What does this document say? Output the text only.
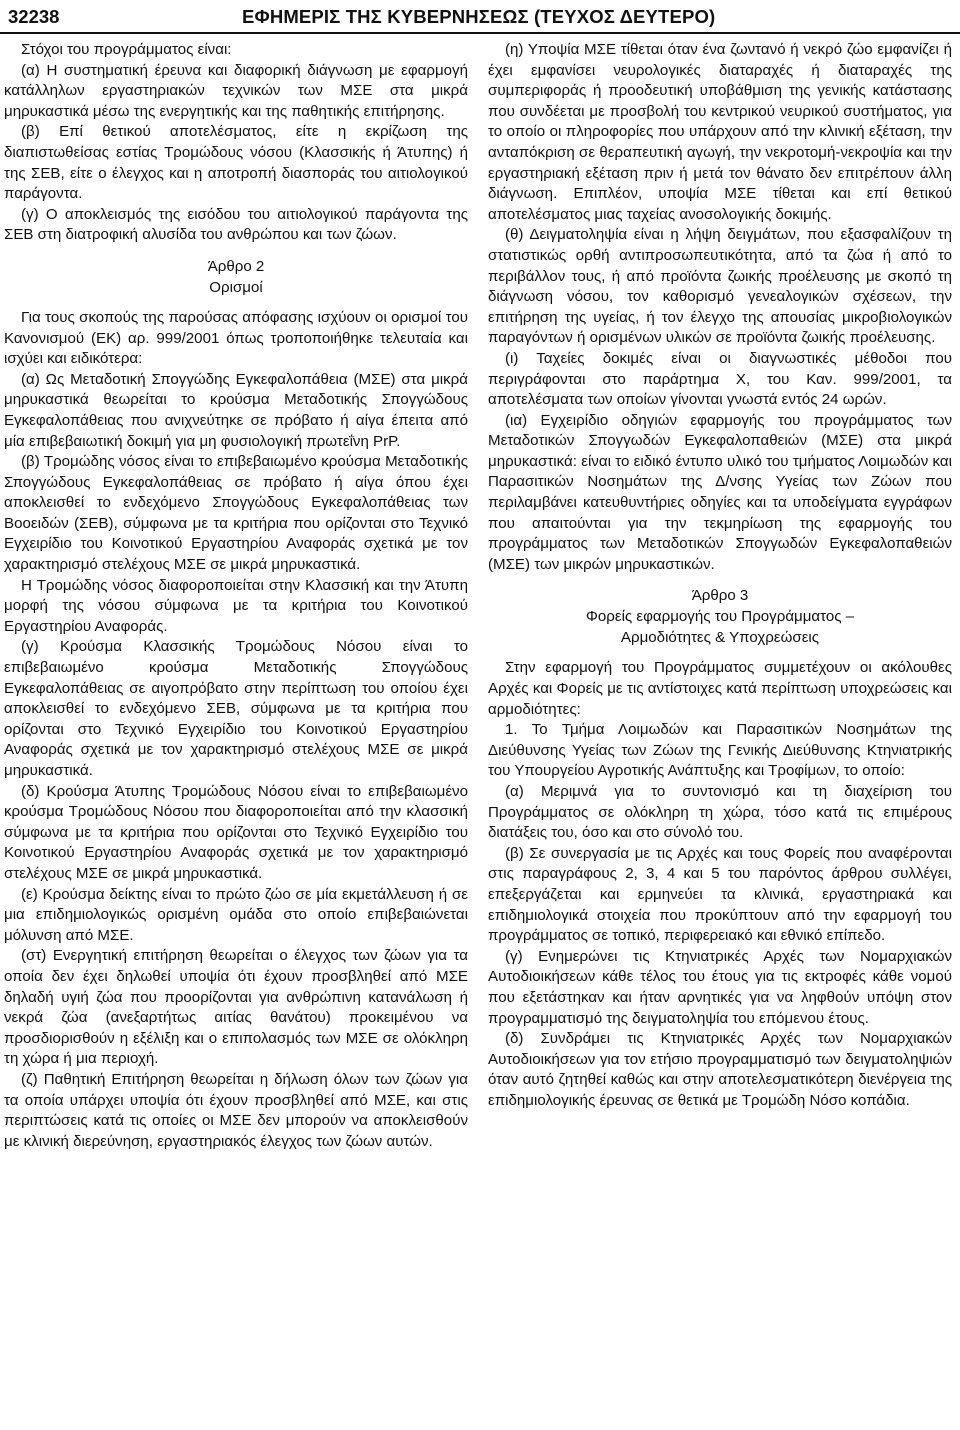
32238	ΕΦΗΜΕΡΙΣ ΤΗΣ ΚΥΒΕΡΝΗΣΕΩΣ (ΤΕΥΧΟΣ ΔΕΥΤΕΡΟ)

Στόχοι του προγράμματος είναι:

(α) Η συστηματική έρευνα και διαφορική διάγνωση με εφαρμογή κατάλληλων εργαστηριακών τεχνικών των ΜΣΕ στα μικρά μηρυκαστικά μέσω της ενεργητικής και της παθητικής επιτήρησης.

(β) Επί θετικού αποτελέσματος, είτε η εκρίζωση της διαπιστωθείσας εστίας Τρομώδους νόσου (Κλασσικής ή Άτυπης) ή της ΣΕΒ, είτε ο έλεγχος και η αποτροπή διασποράς του αιτιολογικού παράγοντα.

(γ) Ο αποκλεισμός της εισόδου του αιτιολογικού παράγοντα της ΣΕΒ στη διατροφική αλυσίδα του ανθρώπου και των ζώων.

Άρθρο 2
Ορισμοί

Για τους σκοπούς της παρούσας απόφασης ισχύουν οι ορισμοί του Κανονισμού (ΕΚ) αρ. 999/2001 όπως τροποποιήθηκε τελευταία και ισχύει και ειδικότερα:

(α) Ως Μεταδοτική Σπογγώδης Εγκεφαλοπάθεια (ΜΣΕ) στα μικρά μηρυκαστικά θεωρείται το κρούσμα Μεταδοτικής Σπογγώδους Εγκεφαλοπάθειας που ανιχνεύτηκε σε πρόβατο ή αίγα έπειτα από μία επιβεβαιωτική δοκιμή για μη φυσιολογική πρωτεΐνη PrP.

(β) Τρομώδης νόσος είναι το επιβεβαιωμένο κρούσμα Μεταδοτικής Σπογγώδους Εγκεφαλοπάθειας σε πρόβατο ή αίγα όπου έχει αποκλεισθεί το ενδεχόμενο Σπογγώδους Εγκεφαλοπάθειας των Βοοειδών (ΣΕΒ), σύμφωνα με τα κριτήρια που ορίζονται στο Τεχνικό Εγχειρίδιο του Κοινοτικού Εργαστηρίου Αναφοράς σχετικά με τον χαρακτηρισμό στελέχους ΜΣΕ σε μικρά μηρυκαστικά.

Η Τρομώδης νόσος διαφοροποιείται στην Κλασσική και την Άτυπη μορφή της νόσου σύμφωνα με τα κριτήρια του Κοινοτικού Εργαστηρίου Αναφοράς.

(γ) Κρούσμα Κλασσικής Τρομώδους Νόσου είναι το επιβεβαιωμένο κρούσμα Μεταδοτικής Σπογγώδους Εγκεφαλοπάθειας σε αιγοπρόβατο στην περίπτωση του οποίου έχει αποκλεισθεί το ενδεχόμενο ΣΕΒ, σύμφωνα με τα κριτήρια που ορίζονται στο Τεχνικό Εγχειρίδιο του Κοινοτικού Εργαστηρίου Αναφοράς σχετικά με τον χαρακτηρισμό στελέχους ΜΣΕ σε μικρά μηρυκαστικά.

(δ) Κρούσμα Άτυπης Τρομώδους Νόσου είναι το επιβεβαιωμένο κρούσμα Τρομώδους Νόσου που διαφοροποιείται από την κλασσική σύμφωνα με τα κριτήρια που ορίζονται στο Τεχνικό Εγχειρίδιο του Κοινοτικού Εργαστηρίου Αναφοράς σχετικά με τον χαρακτηρισμό στελέχους ΜΣΕ σε μικρά μηρυκαστικά.

(ε) Κρούσμα δείκτης είναι το πρώτο ζώο σε μία εκμετάλλευση ή σε μια επιδημιολογικώς ορισμένη ομάδα στο οποίο επιβεβαιώνεται μόλυνση από ΜΣΕ.

(στ) Ενεργητική επιτήρηση θεωρείται ο έλεγχος των ζώων για τα οποία δεν έχει δηλωθεί υποψία ότι έχουν προσβληθεί από ΜΣΕ δηλαδή υγιή ζώα που προορίζονται για ανθρώπινη κατανάλωση ή νεκρά ζώα (ανεξαρτήτως αιτίας θανάτου) προκειμένου να προσδιορισθούν η εξέλιξη και ο επιπολασμός των ΜΣΕ σε ολόκληρη τη χώρα ή μια περιοχή.

(ζ) Παθητική Επιτήρηση θεωρείται η δήλωση όλων των ζώων για τα οποία υπάρχει υποψία ότι έχουν προσβληθεί από ΜΣΕ, και στις περιπτώσεις κατά τις οποίες οι ΜΣΕ δεν μπορούν να αποκλεισθούν με κλινική διερεύνηση, εργαστηριακός έλεγχος των ζώων αυτών.

(η) Υποψία ΜΣΕ τίθεται όταν ένα ζωντανό ή νεκρό ζώο εμφανίζει ή έχει εμφανίσει νευρολογικές διαταραχές ή διαταραχές της συμπεριφοράς ή προοδευτική υποβάθμιση της γενικής κατάστασης που συνδέεται με προσβολή του κεντρικού νευρικού συστήματος, για το οποίο οι πληροφορίες που υπάρχουν από την κλινική εξέταση, την ανταπόκριση σε θεραπευτική αγωγή, την νεκροτομή-νεκροψία και την εργαστηριακή εξέταση πριν ή μετά τον θάνατο δεν επιτρέπουν άλλη διάγνωση. Επιπλέον, υποψία ΜΣΕ τίθεται και επί θετικού αποτελέσματος μιας ταχείας ανοσολογικής δοκιμής.

(θ) Δειγματοληψία είναι η λήψη δειγμάτων, που εξασφαλίζουν τη στατιστικώς ορθή αντιπροσωπευτικότητα, από τα ζώα ή από το περιβάλλον τους, ή από προϊόντα ζωικής προέλευσης με σκοπό τη διάγνωση νόσου, τον καθορισμό γενεαλογικών σχέσεων, την επιτήρηση της υγείας, ή τον έλεγχο της απουσίας μικροβιολογικών παραγόντων ή ορισμένων υλικών σε προϊόντα ζωικής προέλευσης.

(ι) Ταχείες δοκιμές είναι οι διαγνωστικές μέθοδοι που περιγράφονται στο παράρτημα Χ, του Καν. 999/2001, τα αποτελέσματα των οποίων γίνονται γνωστά εντός 24 ωρών.

(ια) Εγχειρίδιο οδηγιών εφαρμογής του προγράμματος των Μεταδοτικών Σπογγωδών Εγκεφαλοπαθειών (ΜΣΕ) στα μικρά μηρυκαστικά: είναι το ειδικό έντυπο υλικό του τμήματος Λοιμωδών και Παρασιτικών Νοσημάτων της Δ/νσης Υγείας των Ζώων που περιλαμβάνει κατευθυντήριες οδηγίες και τα υποδείγματα εγγράφων που απαιτούνται για την τεκμηρίωση της εφαρμογής του προγράμματος των Μεταδοτικών Σπογγωδών Εγκεφαλοπαθειών (ΜΣΕ) των μικρών μηρυκαστικών.

Άρθρο 3
Φορείς εφαρμογής του Προγράμματος –
Αρμοδιότητες & Υποχρεώσεις

Στην εφαρμογή του Προγράμματος συμμετέχουν οι ακόλουθες Αρχές και Φορείς με τις αντίστοιχες κατά περίπτωση υποχρεώσεις και αρμοδιότητες:

1. Το Τμήμα Λοιμωδών και Παρασιτικών Νοσημάτων της Διεύθυνσης Υγείας των Ζώων της Γενικής Διεύθυνσης Κτηνιατρικής του Υπουργείου Αγροτικής Ανάπτυξης και Τροφίμων, το οποίο:

(α) Μεριμνά για το συντονισμό και τη διαχείριση του Προγράμματος σε ολόκληρη τη χώρα, τόσο κατά τις επιμέρους διατάξεις του, όσο και στο σύνολό του.

(β) Σε συνεργασία με τις Αρχές και τους Φορείς που αναφέρονται στις παραγράφους 2, 3, 4 και 5 του παρόντος άρθρου συλλέγει, επεξεργάζεται και ερμηνεύει τα κλινικά, εργαστηριακά και επιδημιολογικά στοιχεία που προκύπτουν από την εφαρμογή του προγράμματος σε τοπικό, περιφερειακό και εθνικό επίπεδο.

(γ) Ενημερώνει τις Κτηνιατρικές Αρχές των Νομαρχιακών Αυτοδιοικήσεων κάθε τέλος του έτους για τις εκτροφές κάθε νομού που εξετάστηκαν και ήταν αρνητικές για να ληφθούν υπόψη στον προγραμματισμό της δειγματοληψία του επόμενου έτους.

(δ) Συνδράμει τις Κτηνιατρικές Αρχές των Νομαρχιακών Αυτοδιοικήσεων για τον ετήσιο προγραμματισμό των δειγματοληψιών όταν αυτό ζητηθεί καθώς και στην αποτελεσματικότερη διενέργεια της επιδημιολογικής έρευνας σε θετικά με Τρομώδη Νόσο κοπάδια.
